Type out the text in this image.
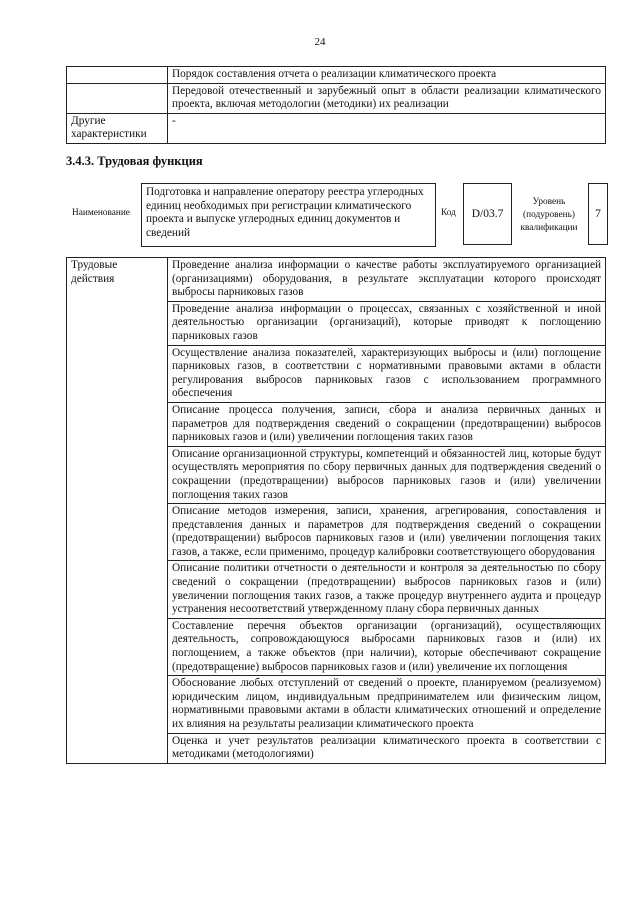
24
	Порядок составления отчета о реализации климатического проекта
	Передовой отечественный и зарубежный опыт в области реализации климатического проекта, включая методологии (методики) их реализации
Другие характеристики	-
3.4.3. Трудовая функция
Наименование
Подготовка и направление оператору реестра углеродных единиц необходимых при регистрации климатического проекта и выпуске углеродных единиц документов и сведений
Код D/03.7
Уровень (подуровень) квалификации
7
Трудовые действия	Проведение анализа информации о качестве работы эксплуатируемого организацией (организациями) оборудования, в результате эксплуатации которого происходят выбросы парниковых газов
Проведение анализа информации о процессах, связанных с хозяйственной и иной деятельностью организации (организаций), которые приводят к поглощению парниковых газов
Осуществление анализа показателей, характеризующих выбросы и (или) поглощение парниковых газов, в соответствии с нормативными правовыми актами в области регулирования выбросов парниковых газов с использованием программного обеспечения
Описание процесса получения, записи, сбора и анализа первичных данных и параметров для подтверждения сведений о сокращении (предотвращении) выбросов парниковых газов и (или) увеличении поглощения таких газов
Описание организационной структуры, компетенций и обязанностей лиц, которые будут осуществлять мероприятия по сбору первичных данных для подтверждения сведений о сокращении (предотвращении) выбросов парниковых газов и (или) увеличении поглощения таких газов
Описание методов измерения, записи, хранения, агрегирования, сопоставления и представления данных и параметров для подтверждения сведений о сокращении (предотвращении) выбросов парниковых газов и (или) увеличении поглощения таких газов, а также, если применимо, процедур калибровки соответствующего оборудования
Описание политики отчетности о деятельности и контроля за деятельностью по сбору сведений о сокращении (предотвращении) выбросов парниковых газов и (или) увеличении поглощения таких газов, а также процедур внутреннего аудита и процедур устранения несоответствий утвержденному плану сбора первичных данных
Составление перечня объектов организации (организаций), осуществляющих деятельность, сопровождающуюся выбросами парниковых газов и (или) их поглощением, а также объектов (при наличии), которые обеспечивают сокращение (предотвращение) выбросов парниковых газов и (или) увеличение их поглощения
Обоснование любых отступлений от сведений о проекте, планируемом (реализуемом) юридическим лицом, индивидуальным предпринимателем или физическим лицом, нормативными правовыми актами в области климатических отношений и определение их влияния на результаты реализации климатического проекта
Оценка и учет результатов реализации климатического проекта в соответствии с методиками (методологиями)
